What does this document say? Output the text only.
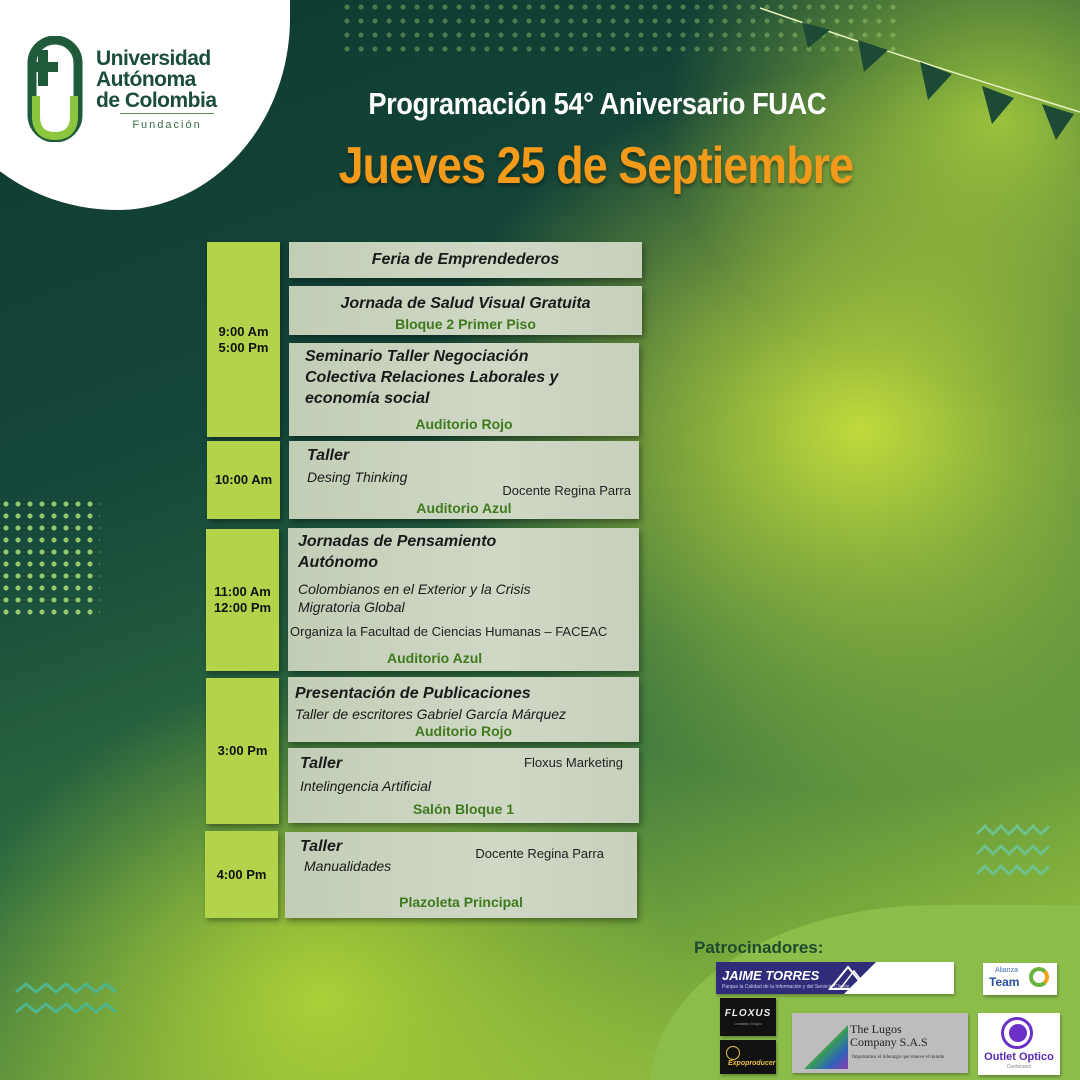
Universidad
Autónoma
de Colombia
Fundación
Programación 54° Aniversario FUAC
Jueves 25 de Septiembre
9:00 Am
5:00 Pm
10:00 Am
11:00 Am
12:00 Pm
3:00 Pm
4:00 Pm
Feria de Emprendederos
Jornada de Salud Visual Gratuita
Bloque 2 Primer Piso
Seminario Taller Negociación
Colectiva Relaciones Laborales y
economía social
Auditorio Rojo
Taller
Desing Thinking
Docente Regina Parra
Auditorio Azul
Jornadas de Pensamiento
Autónomo
Colombianos en el Exterior y la Crisis
Migratoria Global
Organiza la Facultad de Ciencias Humanas – FACEAC
Auditorio Azul
Presentación de Publicaciones
Taller de escritores Gabriel García Márquez
Auditorio Rojo
Taller
Intelingencia Artificial
Floxus Marketing
Salón Bloque 1
Taller
Manualidades
Docente Regina Parra
Plazoleta Principal
Patrocinadores:
JAIME TORRES
Parque la Calidad de la Información y del Servicio Cliente
Alianza
Team
FLOXUS
Levantio Grupo
Expoproducer
The Lugos
Company S.A.S
Impulsamos el liderazgo que mueve el mundo	Outlet Optico
Centenario
